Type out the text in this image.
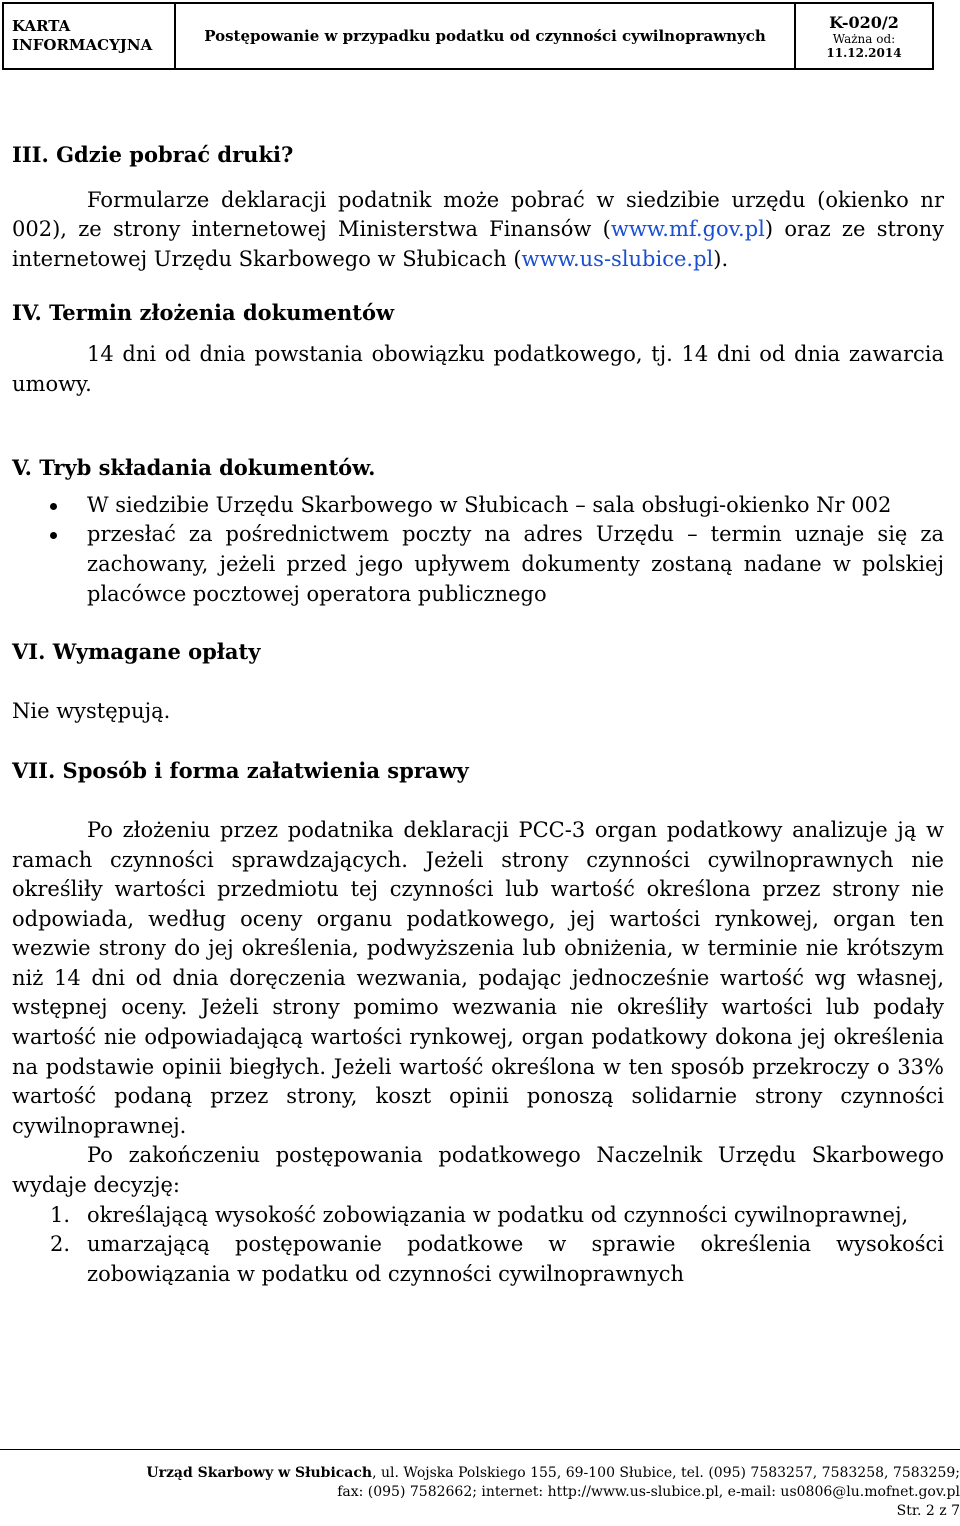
KARTA
INFORMACYJNA	Postępowanie w przypadku podatku od czynności cywilnoprawnych
K-020/2
Ważna od:
11.12.2014

III. Gdzie pobrać druki?

Formularze deklaracji podatnik może pobrać w siedzibie urzędu (okienko nr 002), ze strony internetowej Ministerstwa Finansów (www.mf.gov.pl) oraz ze strony internetowej Urzędu Skarbowego w Słubicach (www.us-slubice.pl).

IV. Termin złożenia dokumentów

14 dni od dnia powstania obowiązku podatkowego, tj. 14 dni od dnia zawarcia umowy.

V. Tryb składania dokumentów.

W siedzibie Urzędu Skarbowego w Słubicach – sala obsługi-okienko Nr 002
przesłać za pośrednictwem poczty na adres Urzędu – termin uznaje się za zachowany, jeżeli przed jego upływem dokumenty zostaną nadane w polskiej placówce pocztowej operatora publicznego

VI. Wymagane opłaty

Nie występują.

VII. Sposób i forma załatwienia sprawy

Po złożeniu przez podatnika deklaracji PCC-3 organ podatkowy analizuje ją w ramach czynności sprawdzających. Jeżeli strony czynności cywilnoprawnych nie określiły wartości przedmiotu tej czynności lub wartość określona przez strony nie odpowiada, według oceny organu podatkowego, jej wartości rynkowej, organ ten wezwie strony do jej określenia, podwyższenia lub obniżenia, w terminie nie krótszym niż 14 dni od dnia doręczenia wezwania, podając jednocześnie wartość wg własnej, wstępnej oceny. Jeżeli strony pomimo wezwania nie określiły wartości lub podały wartość nie odpowiadającą wartości rynkowej, organ podatkowy dokona jej określenia na podstawie opinii biegłych. Jeżeli wartość określona w ten sposób przekroczy o 33% wartość podaną przez strony, koszt opinii ponoszą solidarnie strony czynności cywilnoprawnej.

Po zakończeniu postępowania podatkowego Naczelnik Urzędu Skarbowego wydaje decyzję:

1. określającą wysokość zobowiązania w podatku od czynności cywilnoprawnej,
2. umarzającą postępowanie podatkowe w sprawie określenia wysokości zobowiązania w podatku od czynności cywilnoprawnych
Urząd Skarbowy w Słubicach, ul. Wojska Polskiego 155, 69-100 Słubice, tel. (095) 7583257, 7583258, 7583259;
fax: (095) 7582662; internet: http://www.us-slubice.pl, e-mail: us0806@lu.mofnet.gov.pl
Str. 2 z 7
